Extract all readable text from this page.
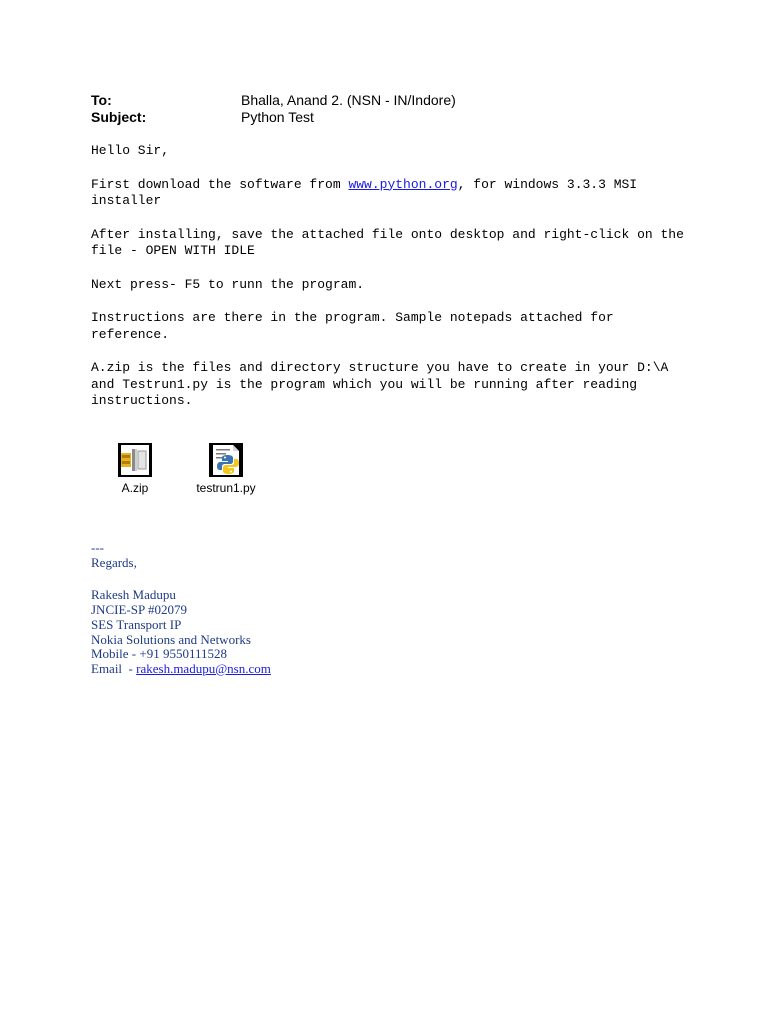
To:	Bhalla, Anand 2. (NSN - IN/Indore)
Subject:	Python Test

Hello Sir,

First download the software from www.python.org, for windows 3.3.3 MSI installer

After installing, save the attached file onto desktop and right-click on the file - OPEN WITH IDLE

Next press- F5 to runn the program.

Instructions are there in the program. Sample notepads attached for reference.

A.zip is the files and directory structure you have to create in your D:\A and Testrun1.py is the program which you will be running after reading instructions.

A.zip	testrun1.py
---
Regards,
Rakesh Madupu
JNCIE-SP #02079
SES Transport IP
Nokia Solutions and Networks
Mobile - +91 9550111528
Email  - rakesh.madupu@nsn.com
